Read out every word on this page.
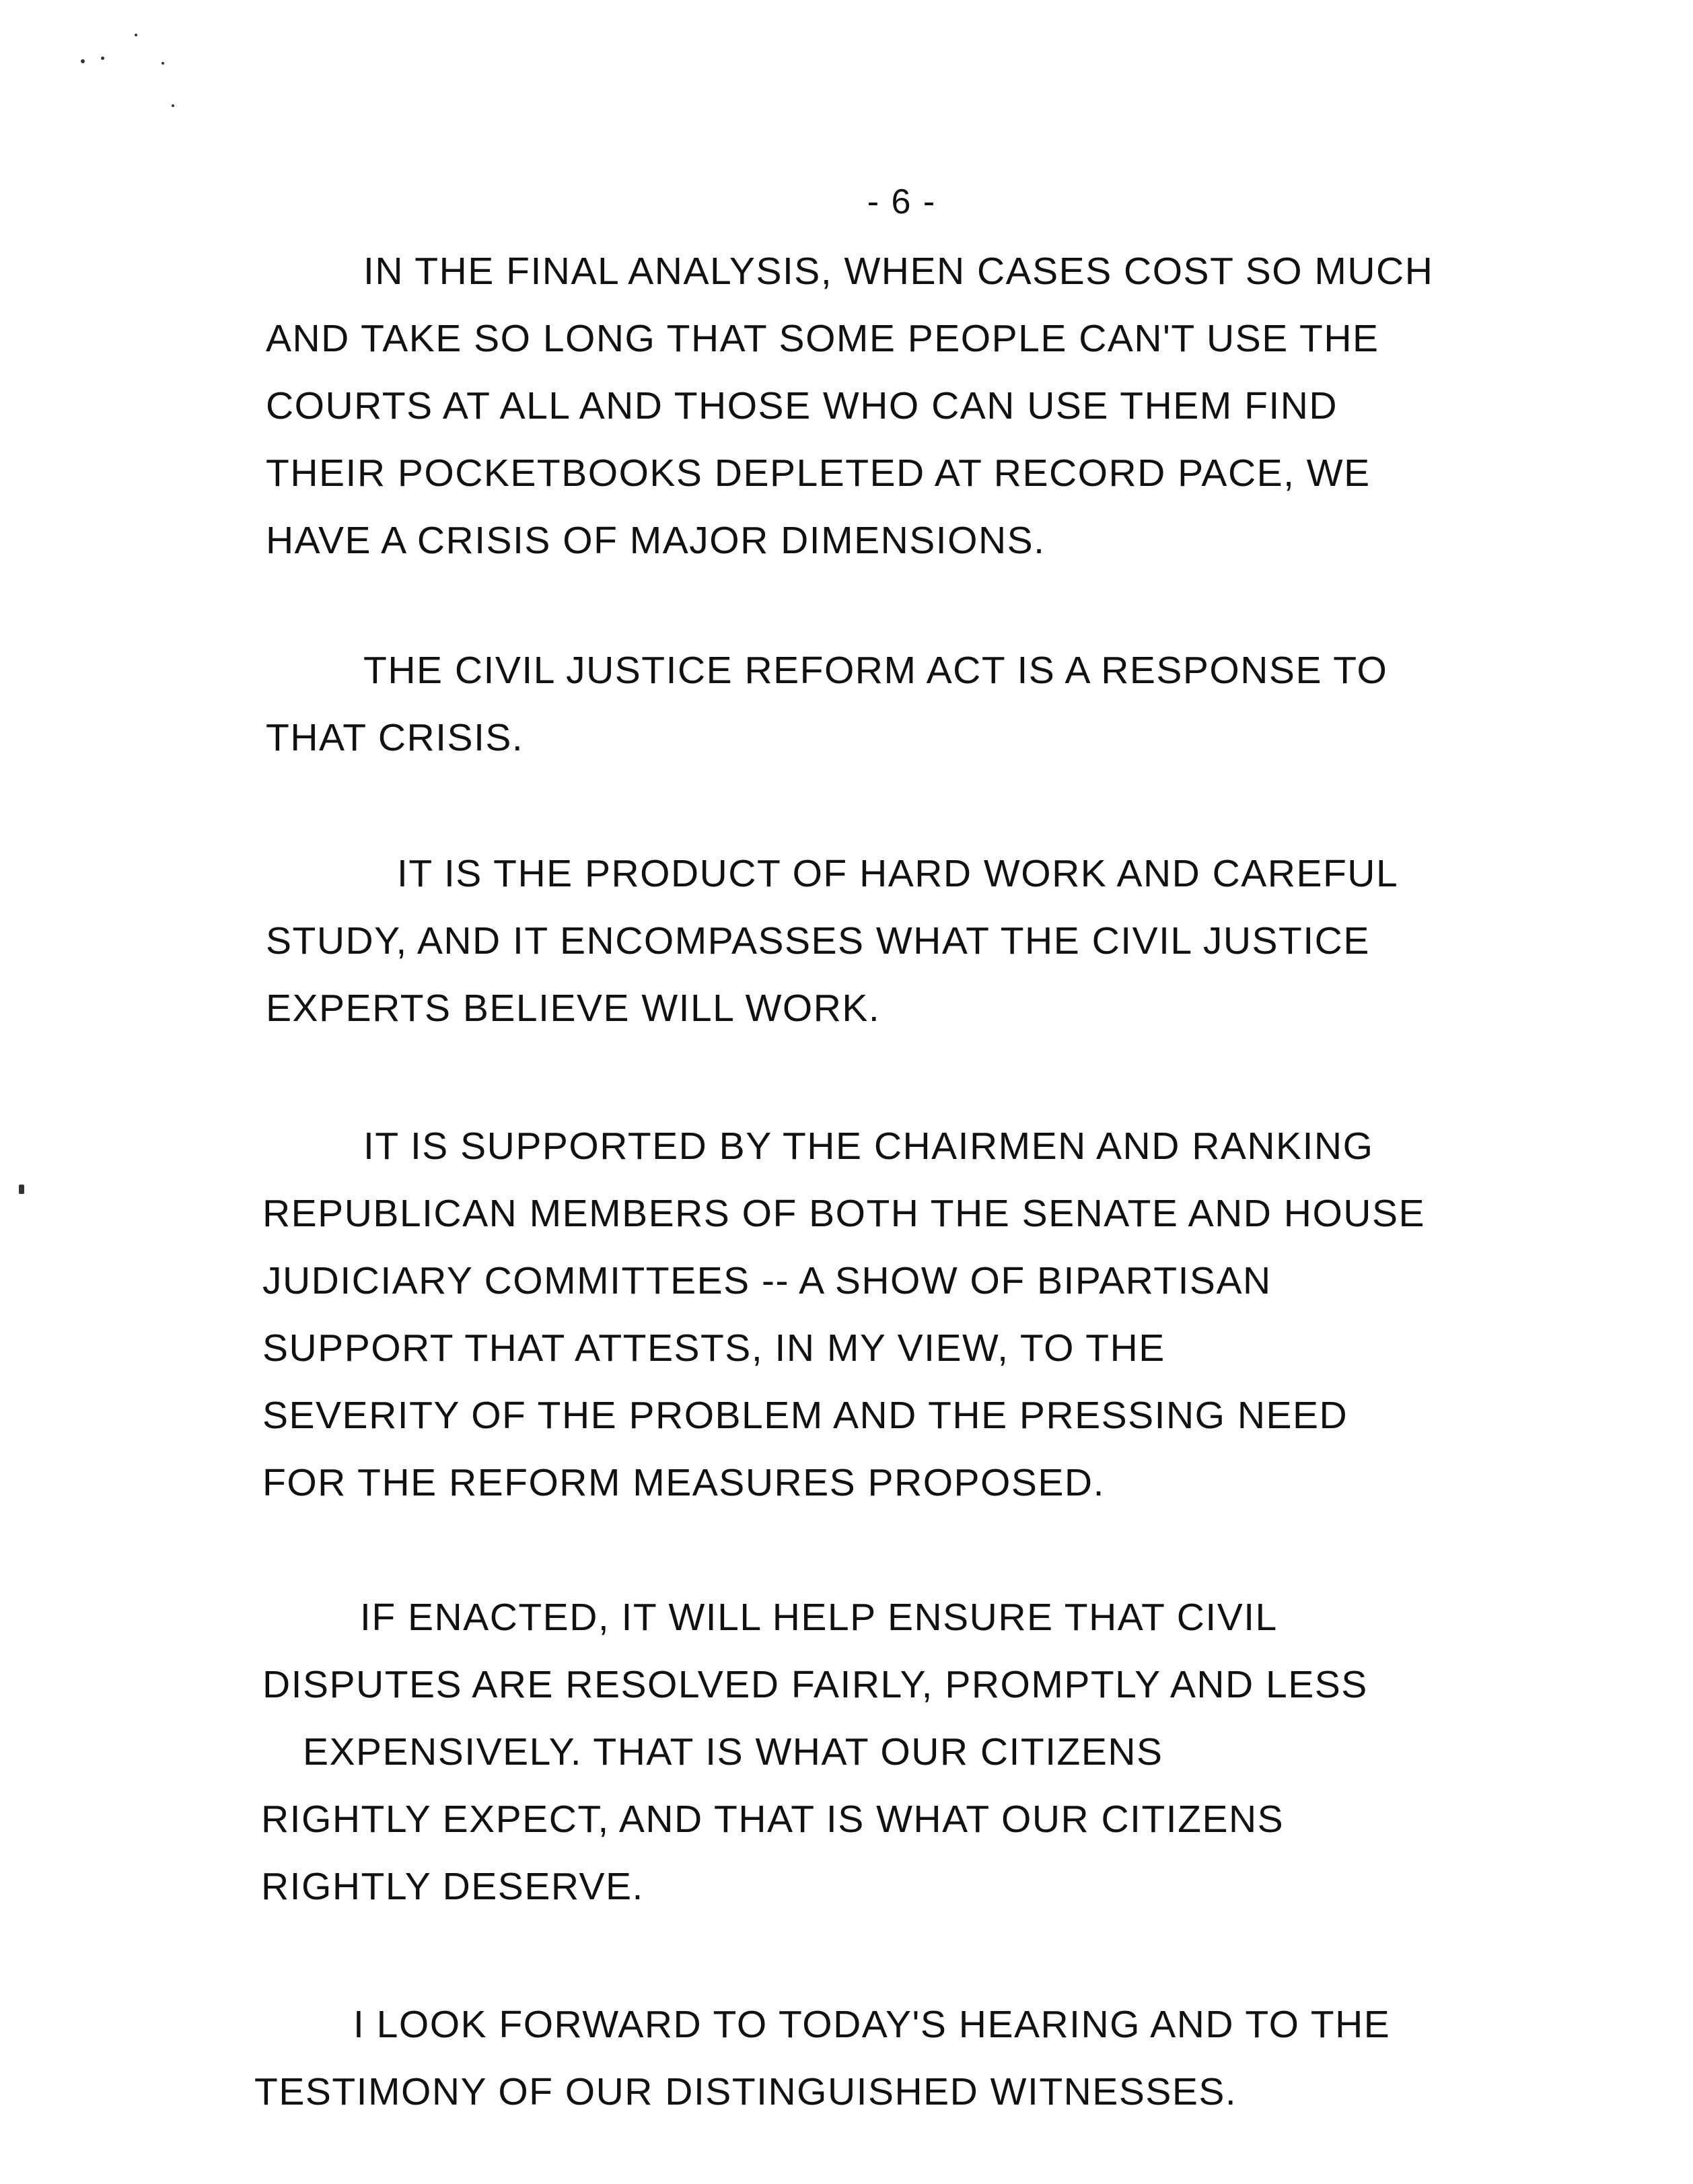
- 6 -
IN THE FINAL ANALYSIS, WHEN CASES COST SO MUCH
AND TAKE SO LONG THAT SOME PEOPLE CAN'T USE THE
COURTS AT ALL AND THOSE WHO CAN USE THEM FIND
THEIR POCKETBOOKS DEPLETED AT RECORD PACE, WE
HAVE A CRISIS OF MAJOR DIMENSIONS.
THE CIVIL JUSTICE REFORM ACT IS A RESPONSE TO
THAT CRISIS.
IT IS THE PRODUCT OF HARD WORK AND CAREFUL
STUDY, AND IT ENCOMPASSES WHAT THE CIVIL JUSTICE
EXPERTS BELIEVE WILL WORK.
IT IS SUPPORTED BY THE CHAIRMEN AND RANKING
REPUBLICAN MEMBERS OF BOTH THE SENATE AND HOUSE
JUDICIARY COMMITTEES -- A SHOW OF BIPARTISAN
SUPPORT THAT ATTESTS, IN MY VIEW, TO THE
SEVERITY OF THE PROBLEM AND THE PRESSING NEED
FOR THE REFORM MEASURES PROPOSED.
IF ENACTED, IT WILL HELP ENSURE THAT CIVIL
DISPUTES ARE RESOLVED FAIRLY, PROMPTLY AND LESS
EXPENSIVELY. THAT IS WHAT OUR CITIZENS
RIGHTLY EXPECT, AND THAT IS WHAT OUR CITIZENS
RIGHTLY DESERVE.
I LOOK FORWARD TO TODAY'S HEARING AND TO THE
TESTIMONY OF OUR DISTINGUISHED WITNESSES.
